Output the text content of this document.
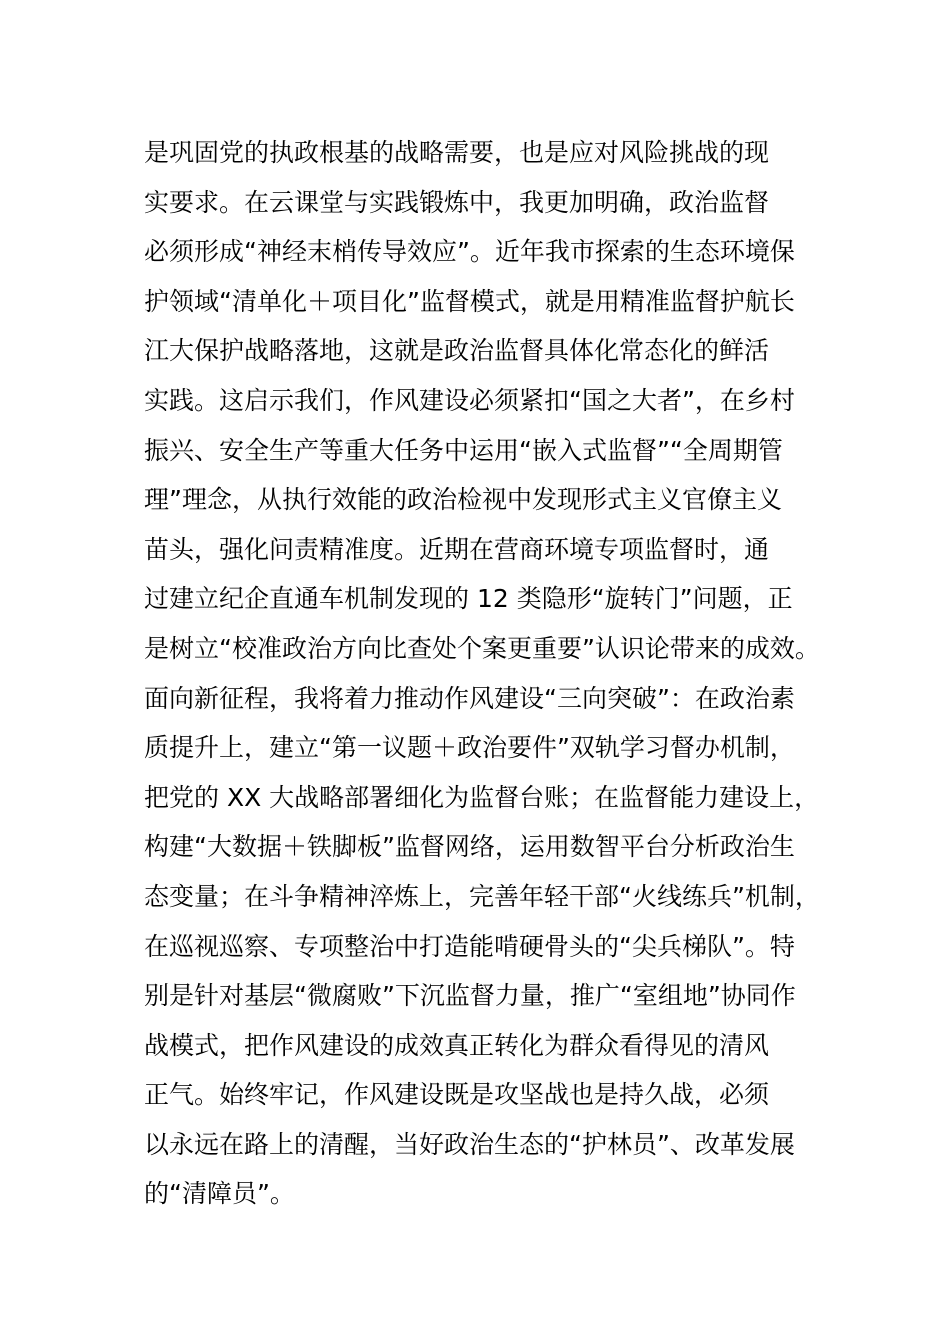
是巩固党的执政根基的战略需要，也是应对风险挑战的现
实要求。在云课堂与实践锻炼中，我更加明确，政治监督
必须形成“神经末梢传导效应”。近年我市探索的生态环境保
护领域“清单化＋项目化”监督模式，就是用精准监督护航长
江大保护战略落地，这就是政治监督具体化常态化的鲜活
实践。这启示我们，作风建设必须紧扣“国之大者”，在乡村
振兴、安全生产等重大任务中运用“嵌入式监督”“全周期管
理”理念，从执行效能的政治检视中发现形式主义官僚主义
苗头，强化问责精准度。近期在营商环境专项监督时，通
过建立纪企直通车机制发现的 12 类隐形“旋转门”问题，正
是树立“校准政治方向比查处个案更重要”认识论带来的成效。
面向新征程，我将着力推动作风建设“三向突破”：在政治素
质提升上，建立“第一议题＋政治要件”双轨学习督办机制，
把党的 XX 大战略部署细化为监督台账；在监督能力建设上，
构建“大数据＋铁脚板”监督网络，运用数智平台分析政治生
态变量；在斗争精神淬炼上，完善年轻干部“火线练兵”机制，
在巡视巡察、专项整治中打造能啃硬骨头的“尖兵梯队”。特
别是针对基层“微腐败”下沉监督力量，推广“室组地”协同作
战模式，把作风建设的成效真正转化为群众看得见的清风
正气。始终牢记，作风建设既是攻坚战也是持久战，必须
以永远在路上的清醒，当好政治生态的“护林员”、改革发展
的“清障员”。
